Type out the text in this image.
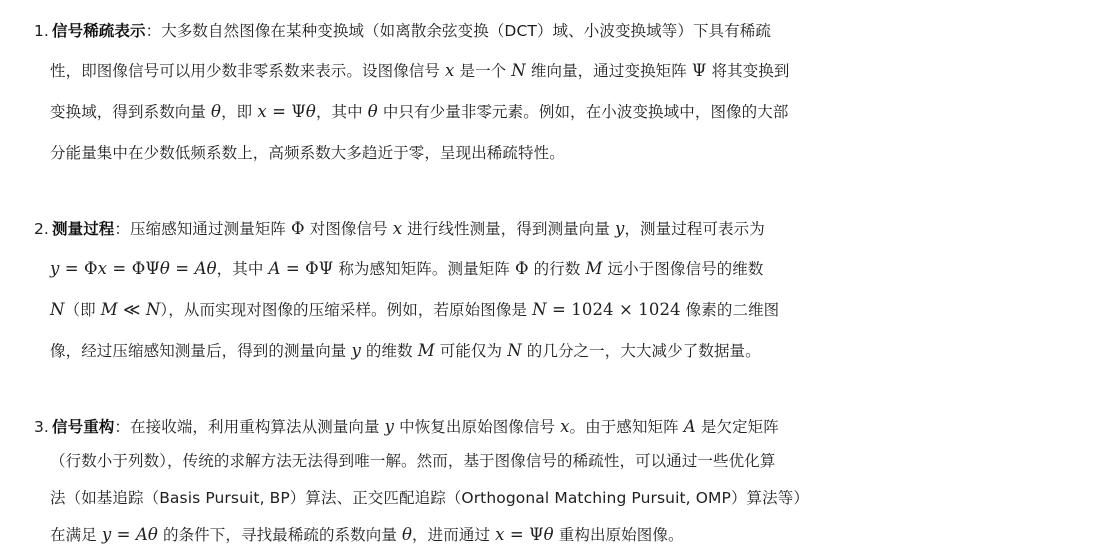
1. 信号稀疏表示：大多数自然图像在某种变换域（如离散余弦变换（DCT）域、小波变换域等）下具有稀疏
性，即图像信号可以用少数非零系数来表示。设图像信号 x 是一个 N 维向量，通过变换矩阵 Ψ 将其变换到
变换域，得到系数向量 θ，即 x = Ψθ，其中 θ 中只有少量非零元素。例如，在小波变换域中，图像的大部
分能量集中在少数低频系数上，高频系数大多趋近于零，呈现出稀疏特性。
2. 测量过程：压缩感知通过测量矩阵 Φ 对图像信号 x 进行线性测量，得到测量向量 y，测量过程可表示为
y = Φx = ΦΨθ = Aθ，其中 A = ΦΨ 称为感知矩阵。测量矩阵 Φ 的行数 M 远小于图像信号的维数
N（即 M ≪ N），从而实现对图像的压缩采样。例如，若原始图像是 N = 1024 × 1024 像素的二维图
像，经过压缩感知测量后，得到的测量向量 y 的维数 M 可能仅为 N 的几分之一，大大减少了数据量。
3. 信号重构：在接收端，利用重构算法从测量向量 y 中恢复出原始图像信号 x。由于感知矩阵 A 是欠定矩阵
（行数小于列数），传统的求解方法无法得到唯一解。然而，基于图像信号的稀疏性，可以通过一些优化算
法（如基追踪（Basis Pursuit, BP）算法、正交匹配追踪（Orthogonal Matching Pursuit, OMP）算法等）
在满足 y = Aθ 的条件下，寻找最稀疏的系数向量 θ，进而通过 x = Ψθ 重构出原始图像。
